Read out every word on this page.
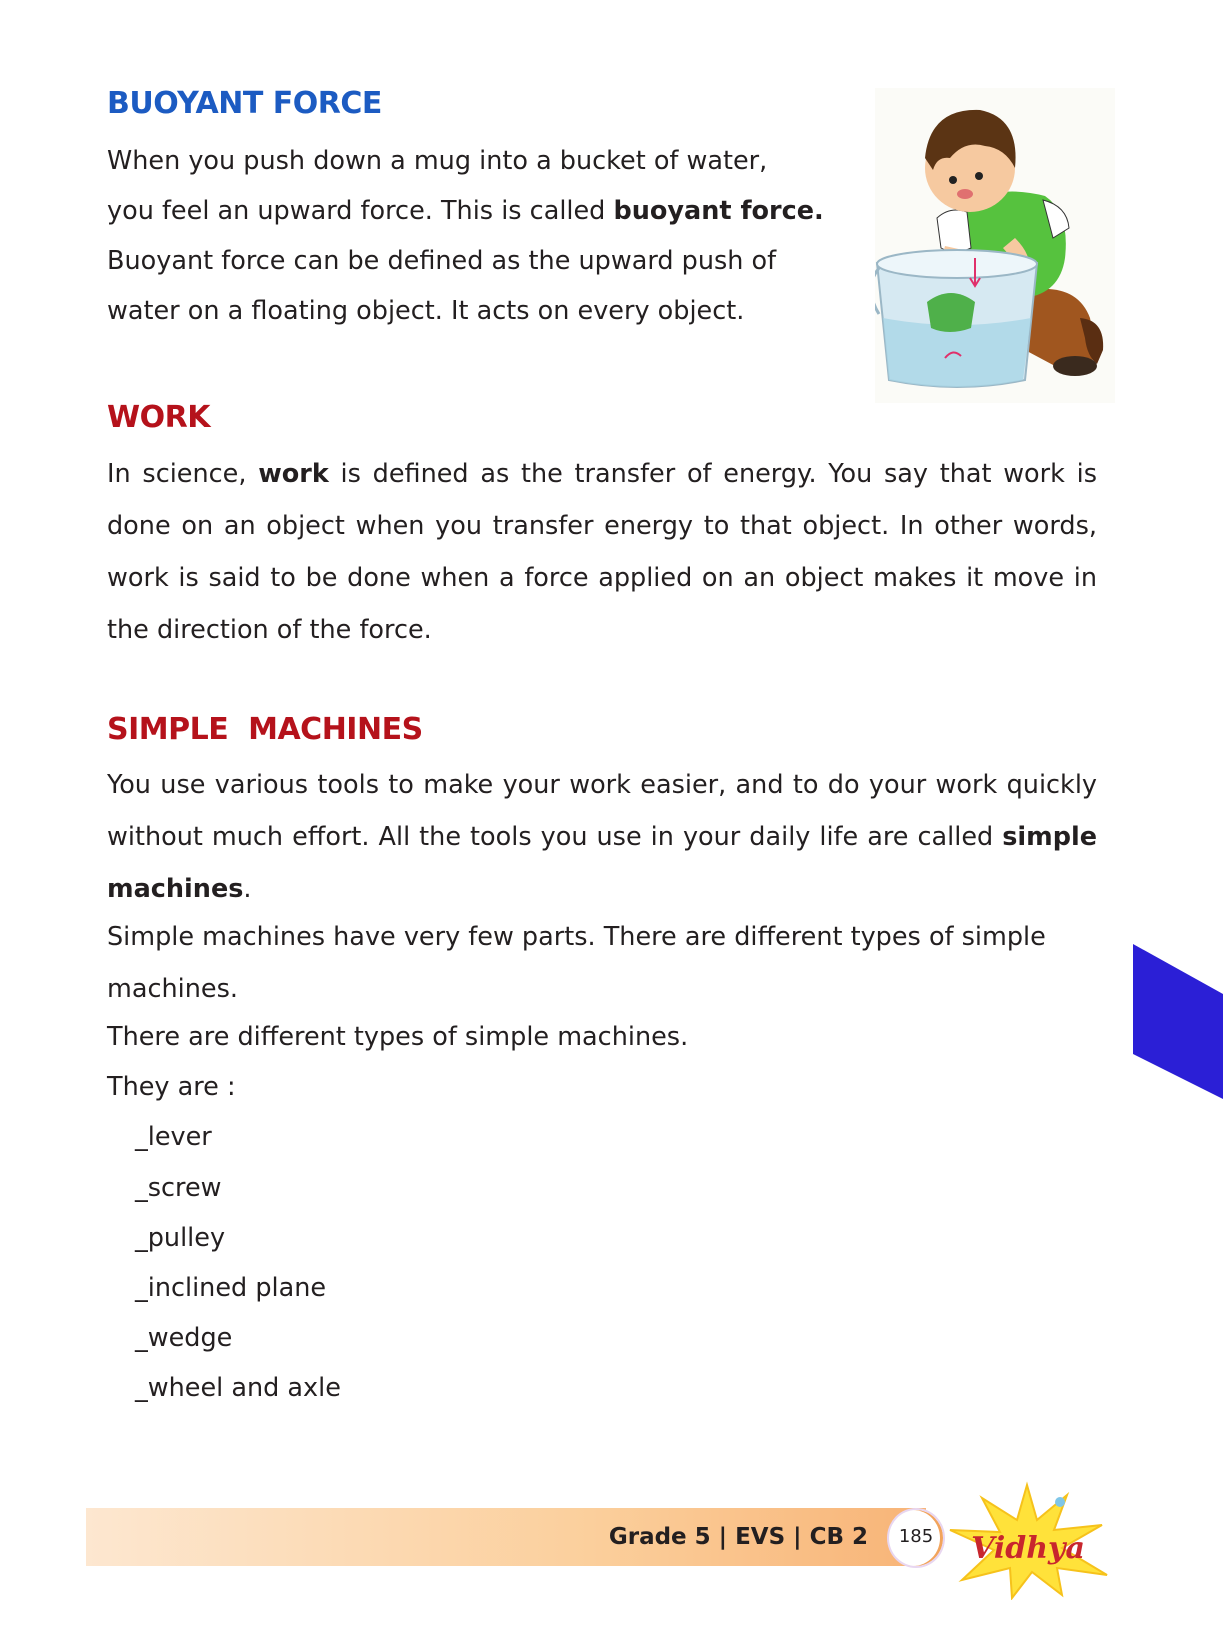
BUOYANT FORCE

When you push down a mug into a bucket of water,

you feel an upward force. This is called buoyant force.

Buoyant force can be defined as the upward push of

water on a floating object. It acts on every object.

WORK

In science, work is defined as the transfer of energy. You say that work is done on an object when you transfer energy to that object. In other words, work is said to be done when a force applied on an object makes it move in the direction of the force.

SIMPLE  MACHINES

You use various tools to make your work easier, and to do your work quickly without much effort. All the tools you use in your daily life are called simple machines.

Simple machines have very few parts. There are different types of simple machines.

There are different types of simple machines.

They are :

_lever

_screw

_pulley

_inclined plane

_wedge

_wheel and axle

Grade 5 | EVS | CB 2	185	Vidhya
